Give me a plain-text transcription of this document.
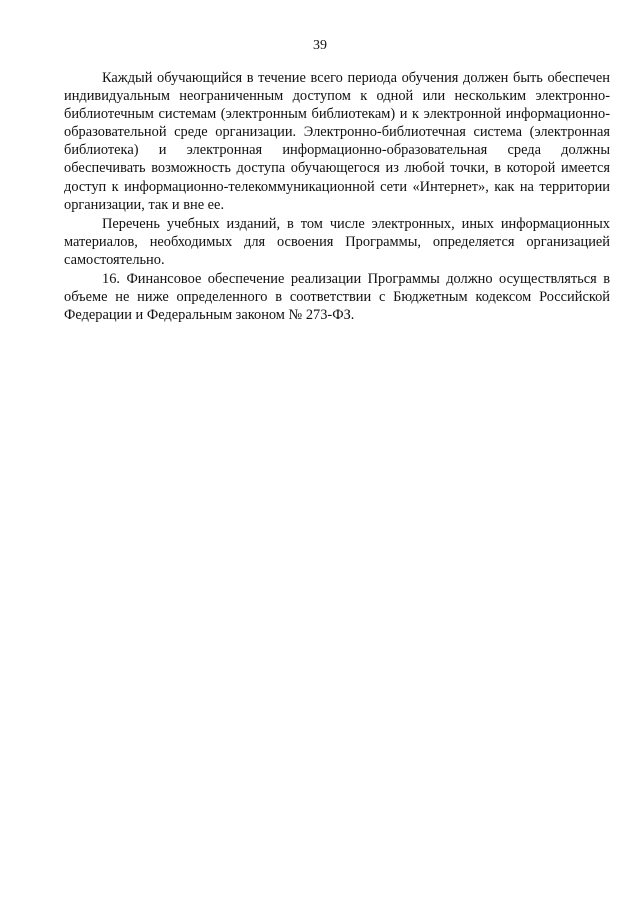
39

Каждый обучающийся в течение всего периода обучения должен быть обеспечен индивидуальным неограниченным доступом к одной или нескольким электронно-библиотечным системам (электронным библиотекам) и к электронной информационно-образовательной среде организации. Электронно-библиотечная система (электронная библиотека) и электронная информационно-образовательная среда должны обеспечивать возможность доступа обучающегося из любой точки, в которой имеется доступ к информационно-телекоммуникационной сети «Интернет», как на территории организации, так и вне ее.

Перечень учебных изданий, в том числе электронных, иных информационных материалов, необходимых для освоения Программы, определяется организацией самостоятельно.

16. Финансовое обеспечение реализации Программы должно осуществляться в объеме не ниже определенного в соответствии с Бюджетным кодексом Российской Федерации и Федеральным законом № 273-ФЗ.
